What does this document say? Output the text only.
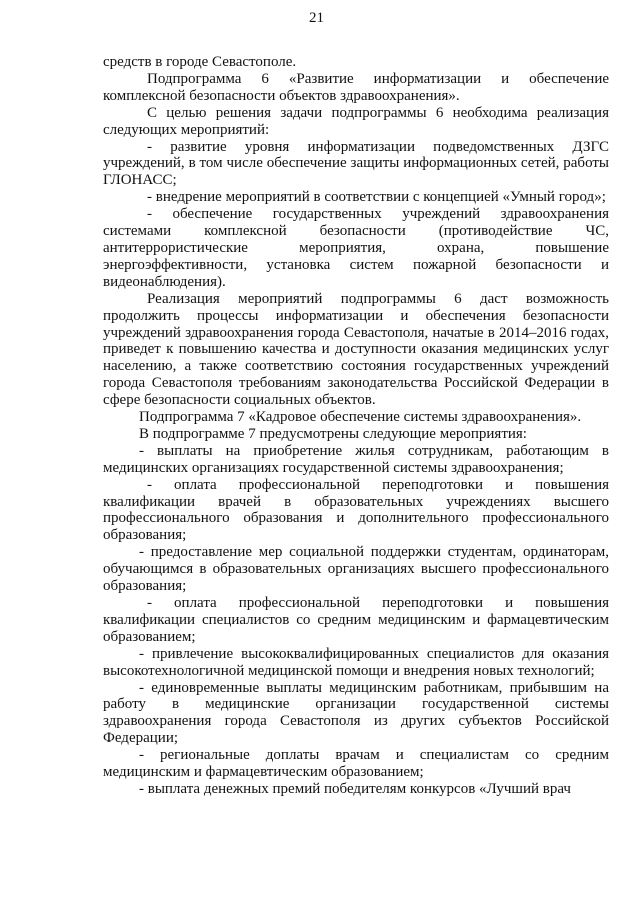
21

средств в городе Севастополе.

Подпрограмма 6 «Развитие информатизации и обеспечение комплексной безопасности объектов здравоохранения».

С целью решения задачи подпрограммы 6 необходима реализация следующих мероприятий:

- развитие уровня информатизации подведомственных ДЗГС учреждений, в том числе обеспечение защиты информационных сетей, работы ГЛОНАСС;

- внедрение мероприятий в соответствии с концепцией «Умный город»;

- обеспечение государственных учреждений здравоохранения системами комплексной безопасности (противодействие ЧС, антитеррористические мероприятия, охрана, повышение энергоэффективности, установка систем пожарной безопасности и видеонаблюдения).

Реализация мероприятий подпрограммы 6 даст возможность продолжить процессы информатизации и обеспечения безопасности учреждений здравоохранения города Севастополя, начатые в 2014–2016 годах, приведет к повышению качества и доступности оказания медицинских услуг населению, а также соответствию состояния государственных учреждений города Севастополя требованиям законодательства Российской Федерации в сфере безопасности социальных объектов.

Подпрограмма 7 «Кадровое обеспечение системы здравоохранения».

В подпрограмме 7 предусмотрены следующие мероприятия:

- выплаты на приобретение жилья сотрудникам, работающим в медицинских организациях государственной системы здравоохранения;

- оплата профессиональной переподготовки и повышения квалификации врачей в образовательных учреждениях высшего профессионального образования и дополнительного профессионального образования;

- предоставление мер социальной поддержки студентам, ординаторам, обучающимся в образовательных организациях высшего профессионального образования;

- оплата профессиональной переподготовки и повышения квалификации специалистов со средним медицинским и фармацевтическим образованием;

- привлечение высококвалифицированных специалистов для оказания высокотехнологичной медицинской помощи и внедрения новых технологий;

- единовременные выплаты медицинским работникам, прибывшим на работу в медицинские организации государственной системы здравоохранения города Севастополя из других субъектов Российской Федерации;

- региональные доплаты врачам и специалистам со средним медицинским и фармацевтическим образованием;

- выплата денежных премий победителям конкурсов «Лучший врач
